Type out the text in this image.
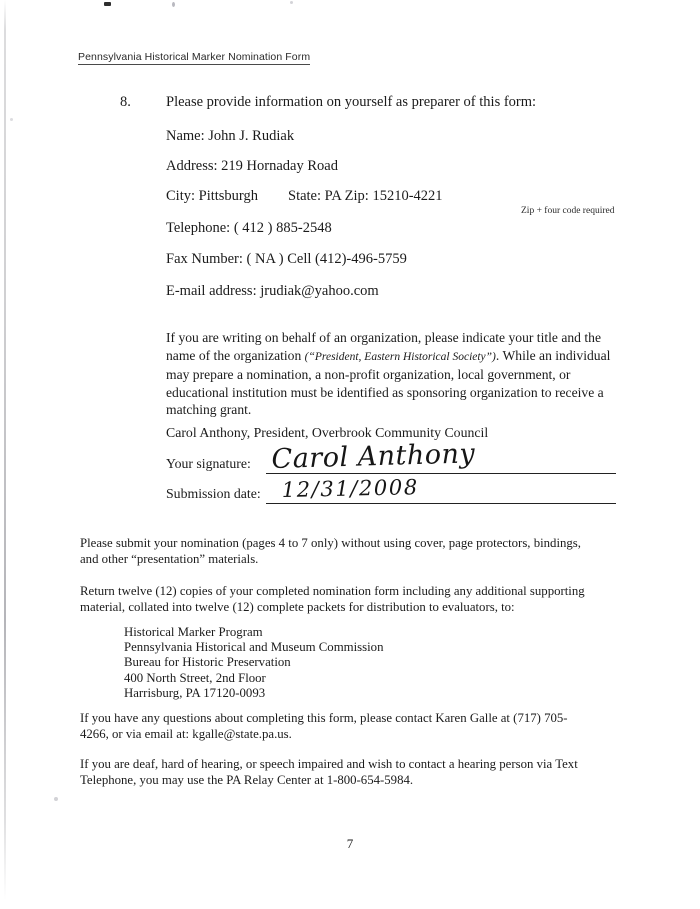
Pennsylvania Historical Marker Nomination Form
8. Please provide information on yourself as preparer of this form:
Name: John J. Rudiak
Address: 219 Hornaday Road
City: Pittsburgh State: PA Zip: 15210-4221
Telephone: ( 412 ) 885-2548
Fax Number: ( NA ) Cell (412)-496-5759
E-mail address: jrudiak@yahoo.com
Zip + four code required
If you are writing on behalf of an organization, please indicate your title and the name of the organization (“President, Eastern Historical Society”). While an individual may prepare a nomination, a non-profit organization, local government, or educational institution must be identified as sponsoring organization to receive a matching grant.
Carol Anthony, President, Overbrook Community Council
Your signature: Carol Anthony
Submission date: 12/31/2008
Please submit your nomination (pages 4 to 7 only) without using cover, page protectors, bindings, and other “presentation” materials.
Return twelve (12) copies of your completed nomination form including any additional supporting material, collated into twelve (12) complete packets for distribution to evaluators, to:
Historical Marker Program
Pennsylvania Historical and Museum Commission
Bureau for Historic Preservation
400 North Street, 2nd Floor
Harrisburg, PA 17120-0093
If you have any questions about completing this form, please contact Karen Galle at (717) 705-4266, or via email at: kgalle@state.pa.us.
If you are deaf, hard of hearing, or speech impaired and wish to contact a hearing person via Text Telephone, you may use the PA Relay Center at 1-800-654-5984.
7
